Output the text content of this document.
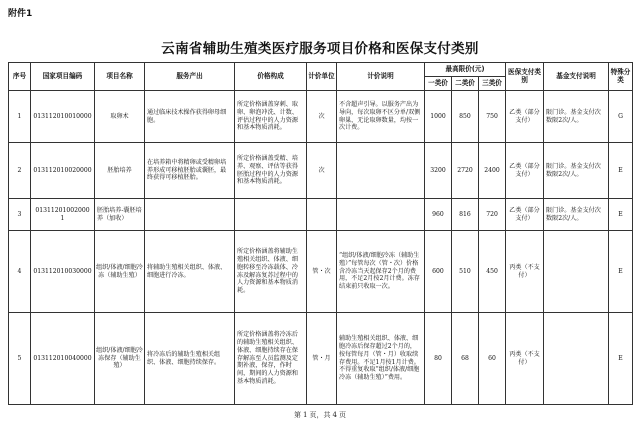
附件1
云南省辅助生殖类医疗服务项目价格和医保支付类别
序号	国家项目编码	项目名称	服务产出	价格构成	计价单位	计价说明	最高限价(元)			医保支付类别	基金支付说明	特殊分类
							一类价	二类价	三类价			
1	013112010010000	取卵术	通过临床技术操作获得卵母细胞。	所定价格涵盖穿刺、取卵、卵泡冲洗、计数、评估过程中的人力资源和基本物质消耗。	次	不含超声引导。以服务产出为导向，每次取卵不区分单/双侧卵巢，无论取卵数量，均按一次计费。	1000	850	750	乙类（部分支付）	限门诊。基金支付次数限2次/人。	G
2	013112010020000	胚胎培养	在培养箱中将精卵或受精卵培养形成可移植胚胎或囊胚，最终获得可移植胚胎。	所定价格涵盖受精、培养、观察、评估等获得胚胎过程中的人力资源和基本物质消耗。	次		3200	2720	2400	乙类（部分支付）	限门诊。基金支付次数限2次/人。	E
3	01311201002000 1	胚胎培养-囊胚培养（加收）					960	816	720	乙类（部分支付）	限门诊。基金支付次数限2次/人。	E
4	013112010030000	组织/体液/细胞冷冻（辅助生殖）	将辅助生殖相关组织、体液、细胞进行冷冻。	所定价格涵盖将辅助生殖相关组织、体液、细胞转移至冷冻载体、冷冻及解冻复苏过程中的人力资源和基本物质消耗。	管・次	“组织/体液/细胞冷冻（辅助生殖）”每管每次（管・次）价格含冷冻当天起保存2个月的费用，不足2月按2月计费。冻存结束前只收取一次。	600	510	450	丙类（不支付）		E
5	013112010040000	组织/体液/细胞冷冻保存（辅助生殖）	将冷冻后的辅助生殖相关组织、体液、细胞持续保存。	所定价格涵盖将冷冻后的辅助生殖相关组织、体液、细胞持续存在保存解冻至人员监测及定期补液，保存，作时间，期间的人力资源和基本物质消耗。	管・月	辅助生殖相关组织、体液、细胞冷冻后保存超过2个月的，按每管每月（管・月）收取续存费用。不足1月按1月计费。不得重复收取“组织/体液/细胞冷冻（辅助生殖）”费用。	80	68	60	丙类（不支付）		E
第 1 页，共 4 页
